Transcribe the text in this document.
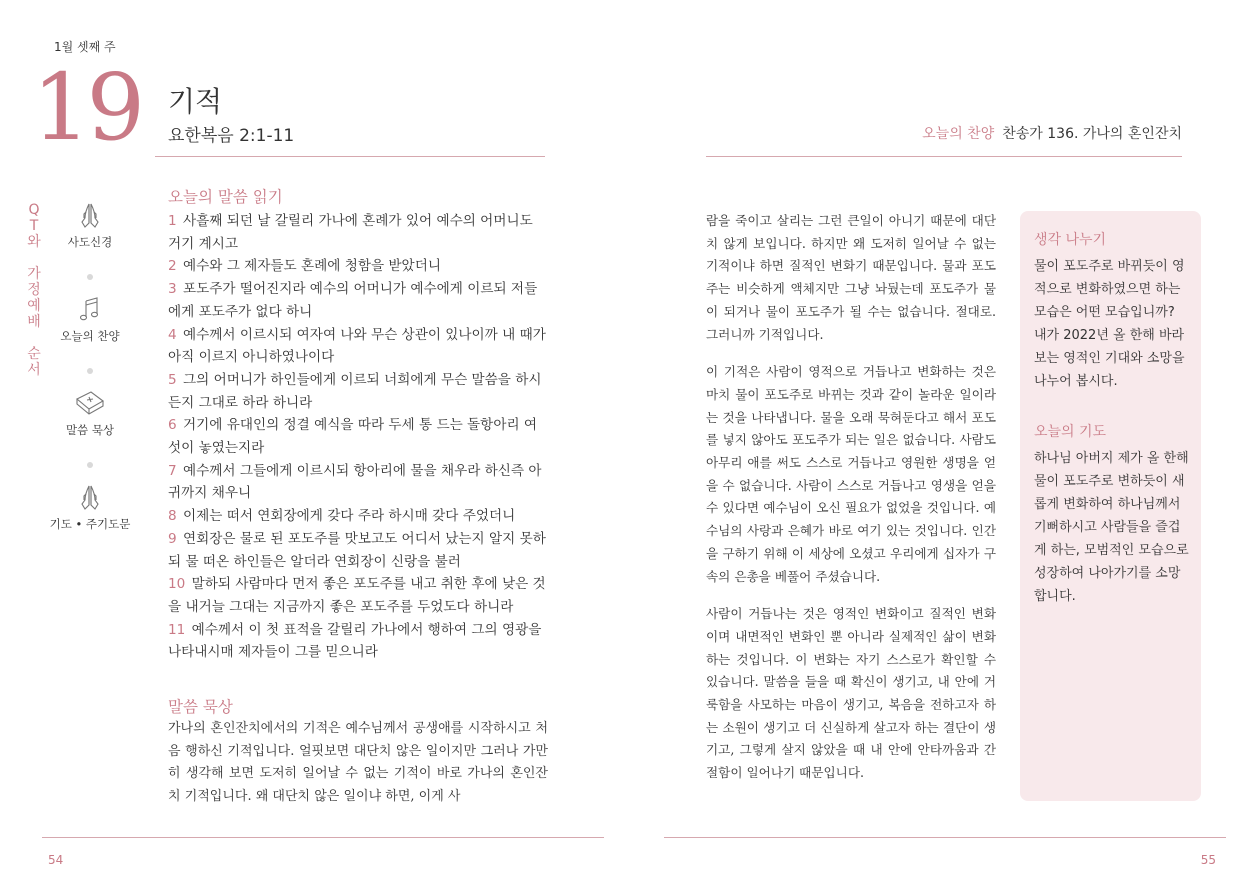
1월 셋째 주
19 기적
요한복음 2:1-11	오늘의 찬양 찬송가 136. 가나의 혼인잔치
Q
T
와

가
정
예
배

순
서
사도신경
오늘의 찬양
말씀 묵상
기도 • 주기도문
오늘의 말씀 읽기
1 사흘째 되던 날 갈릴리 가나에 혼례가 있어 예수의 어머니도 거기 계시고
2 예수와 그 제자들도 혼례에 청함을 받았더니
3 포도주가 떨어진지라 예수의 어머니가 예수에게 이르되 저들에게 포도주가 없다 하니
4 예수께서 이르시되 여자여 나와 무슨 상관이 있나이까 내 때가 아직 이르지 아니하였나이다
5 그의 어머니가 하인들에게 이르되 너희에게 무슨 말씀을 하시든지 그대로 하라 하니라
6 거기에 유대인의 정결 예식을 따라 두세 통 드는 돌항아리 여섯이 놓였는지라
7 예수께서 그들에게 이르시되 항아리에 물을 채우라 하신즉 아귀까지 채우니
8 이제는 떠서 연회장에게 갖다 주라 하시매 갖다 주었더니
9 연회장은 물로 된 포도주를 맛보고도 어디서 났는지 알지 못하되 물 떠온 하인들은 알더라 연회장이 신랑을 불러
10 말하되 사람마다 먼저 좋은 포도주를 내고 취한 후에 낮은 것을 내거늘 그대는 지금까지 좋은 포도주를 두었도다 하니라
11 예수께서 이 첫 표적을 갈릴리 가나에서 행하여 그의 영광을 나타내시매 제자들이 그를 믿으니라
말씀 묵상
가나의 혼인잔치에서의 기적은 예수님께서 공생애를 시작하시고 처음 행하신 기적입니다. 얼핏보면 대단치 않은 일이지만 그러나 가만히 생각해 보면 도저히 일어날 수 없는 기적이 바로 가나의 혼인잔치 기적입니다. 왜 대단치 않은 일이냐 하면, 이게 사

람을 죽이고 살리는 그런 큰일이 아니기 때문에 대단치 않게 보입니다. 하지만 왜 도저히 일어날 수 없는 기적이냐 하면 질적인 변화기 때문입니다. 물과 포도주는 비슷하게 액체지만 그냥 놔뒀는데 포도주가 물이 되거나 물이 포도주가 될 수는 없습니다. 절대로. 그러니까 기적입니다.

이 기적은 사람이 영적으로 거듭나고 변화하는 것은 마치 물이 포도주로 바뀌는 것과 같이 놀라운 일이라는 것을 나타냅니다. 물을 오래 묵혀둔다고 해서 포도를 넣지 않아도 포도주가 되는 일은 없습니다. 사람도 아무리 애를 써도 스스로 거듭나고 영원한 생명을 얻을 수 없습니다. 사람이 스스로 거듭나고 영생을 얻을 수 있다면 예수님이 오신 필요가 없었을 것입니다. 예수님의 사랑과 은혜가 바로 여기 있는 것입니다. 인간을 구하기 위해 이 세상에 오셨고 우리에게 십자가 구속의 은총을 베풀어 주셨습니다.

사람이 거듭나는 것은 영적인 변화이고 질적인 변화이며 내면적인 변화인 뿐 아니라 실제적인 삶이 변화하는 것입니다. 이 변화는 자기 스스로가 확인할 수 있습니다. 말씀을 들을 때 확신이 생기고, 내 안에 거룩함을 사모하는 마음이 생기고, 복음을 전하고자 하는 소원이 생기고 더 신실하게 살고자 하는 결단이 생기고, 그렇게 살지 않았을 때 내 안에 안타까움과 간절함이 일어나기 때문입니다.

생각 나누기

물이 포도주로 바뀌듯이 영적으로 변화하였으면 하는 모습은 어떤 모습입니까? 내가 2022년 올 한해 바라보는 영적인 기대와 소망을 나누어 봅시다.

오늘의 기도

하나님 아버지 제가 올 한해 물이 포도주로 변하듯이 새롭게 변화하여 하나님께서 기뻐하시고 사람들을 즐겁게 하는, 모범적인 모습으로 성장하여 나아가기를 소망합니다.

54	55
